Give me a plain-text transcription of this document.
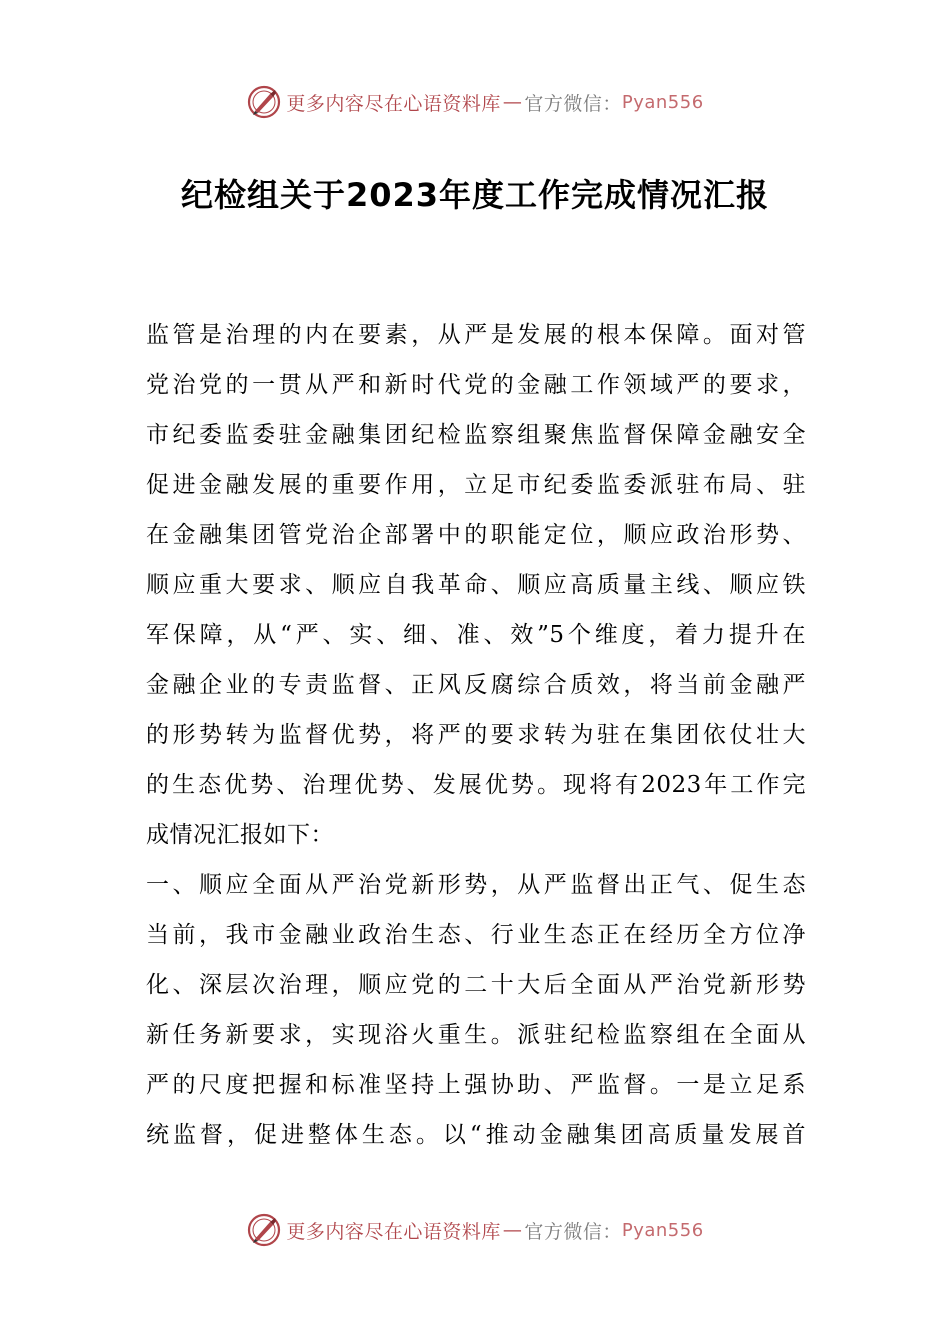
更多内容尽在心语资料库 — 官方微信： Pyan556
纪检组关于2023年度工作完成情况汇报
监管是治理的内在要素，从严是发展的根本保障。面对管
党治党的一贯从严和新时代党的金融工作领域严的要求，
市纪委监委驻金融集团纪检监察组聚焦监督保障金融安全
促进金融发展的重要作用，立足市纪委监委派驻布局、驻
在金融集团管党治企部署中的职能定位，顺应政治形势、
顺应重大要求、顺应自我革命、顺应高质量主线、顺应铁
军保障，从“严、实、细、准、效”5个维度，着力提升在
金融企业的专责监督、正风反腐综合质效，将当前金融严
的形势转为监督优势，将严的要求转为驻在集团依仗壮大
的生态优势、治理优势、发展优势。现将有2023年工作完
成情况汇报如下：
一、顺应全面从严治党新形势，从严监督出正气、促生态
当前，我市金融业政治生态、行业生态正在经历全方位净
化、深层次治理，顺应党的二十大后全面从严治党新形势
新任务新要求，实现浴火重生。派驻纪检监察组在全面从
严的尺度把握和标准坚持上强协助、严监督。一是立足系
统监督，促进整体生态。以“推动金融集团高质量发展首
更多内容尽在心语资料库 — 官方微信： Pyan556
